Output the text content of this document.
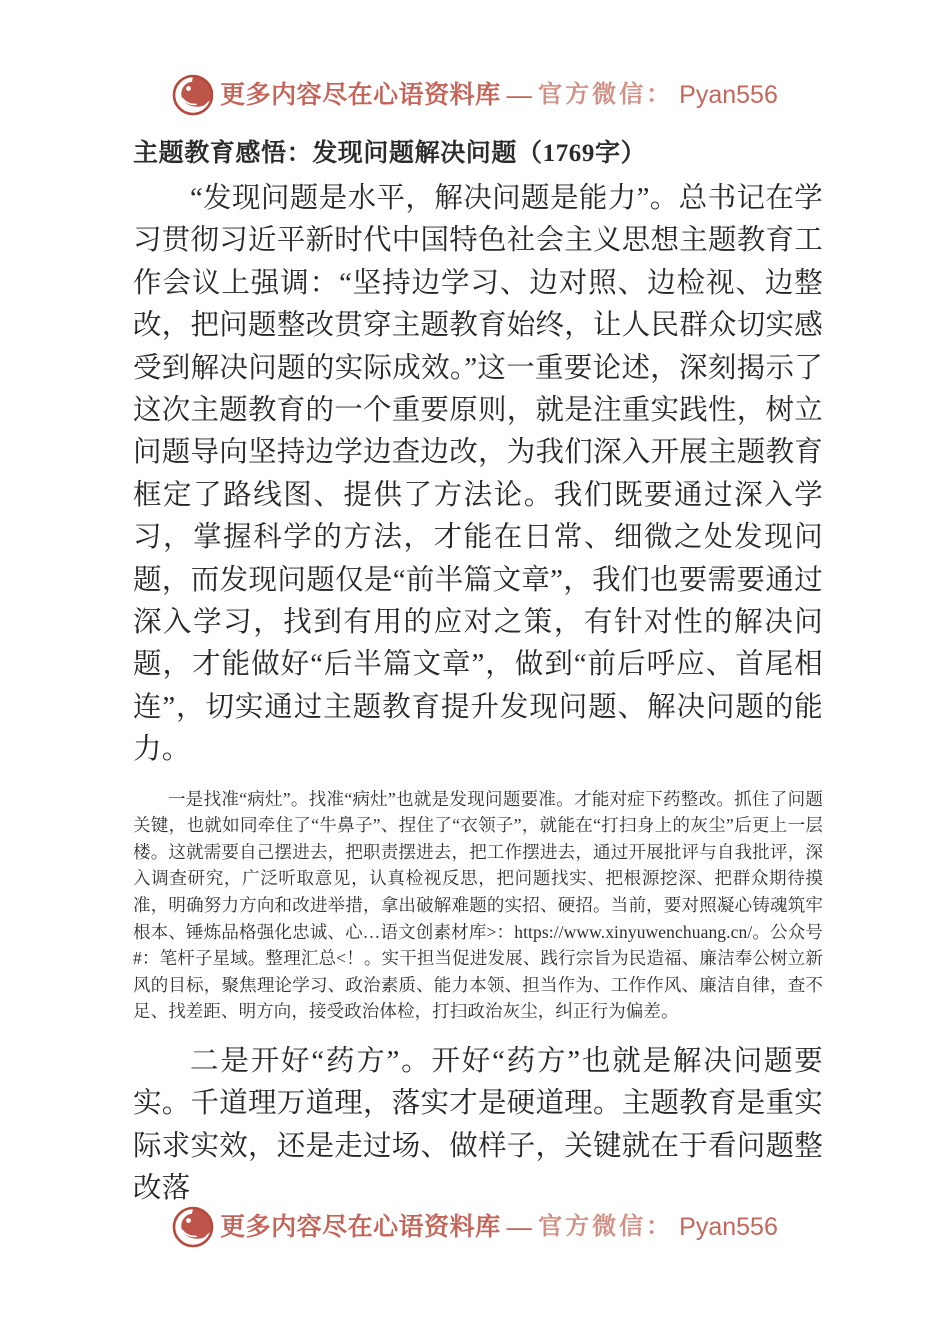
更多内容尽在心语资料库 — 官方微信： Pyan556
主题教育感悟：发现问题解决问题（1769字）

“发现问题是水平，解决问题是能力”。总书记在学习贯彻习近平新时代中国特色社会主义思想主题教育工作会议上强调：“坚持边学习、边对照、边检视、边整改，把问题整改贯穿主题教育始终，让人民群众切实感受到解决问题的实际成效。”这一重要论述，深刻揭示了这次主题教育的一个重要原则，就是注重实践性，树立问题导向坚持边学边查边改，为我们深入开展主题教育框定了路线图、提供了方法论。我们既要通过深入学习，掌握科学的方法，才能在日常、细微之处发现问题，而发现问题仅是“前半篇文章”，我们也要需要通过深入学习，找到有用的应对之策，有针对性的解决问题，才能做好“后半篇文章”，做到“前后呼应、首尾相连”，切实通过主题教育提升发现问题、解决问题的能力。

一是找准“病灶”。找准“病灶”也就是发现问题要准。才能对症下药整改。抓住了问题关键，也就如同牵住了“牛鼻子”、捏住了“衣领子”，就能在“打扫身上的灰尘”后更上一层楼。这就需要自己摆进去，把职责摆进去，把工作摆进去，通过开展批评与自我批评，深入调查研究，广泛听取意见，认真检视反思，把问题找实、把根源挖深、把群众期待摸准，明确努力方向和改进举措，拿出破解难题的实招、硬招。当前，要对照凝心铸魂筑牢根本、锤炼品格强化忠诚、心…语文创素材库>：https://www.xinyuwenchuang.cn/。公众号#：笔杆子星域。整理汇总<！。实干担当促进发展、践行宗旨为民造福、廉洁奉公树立新风的目标，聚焦理论学习、政治素质、能力本领、担当作为、工作作风、廉洁自律，查不足、找差距、明方向，接受政治体检，打扫政治灰尘，纠正行为偏差。

二是开好“药方”。开好“药方”也就是解决问题要实。千道理万道理，落实才是硬道理。主题教育是重实际求实效，还是走过场、做样子，关键就在于看问题整改落

更多内容尽在心语资料库 — 官方微信： Pyan556
